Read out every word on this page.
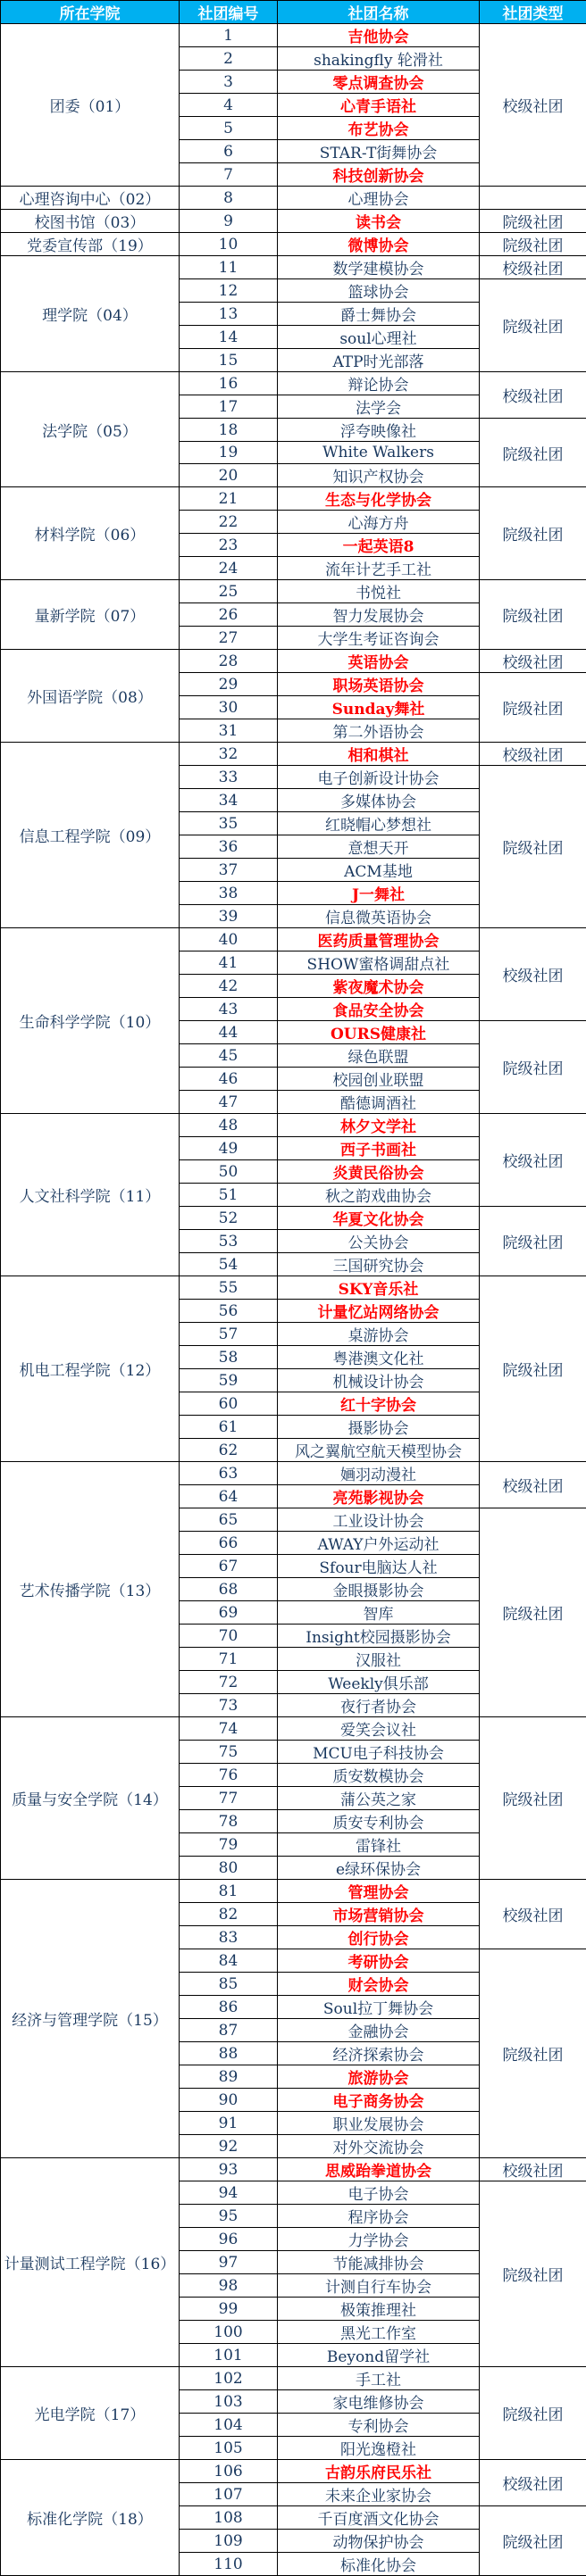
所在学院	社团编号	社团名称	社团类型
团委（01）	1	吉他协会	校级社团
	2	shakingfly 轮滑社	
	3	零点调查协会	
	4	心青手语社	
	5	布艺协会	
	6	STAR-T街舞协会	
	7	科技创新协会	
心理咨询中心（02）	8	心理协会	
校图书馆（03）	9	读书会	院级社团
党委宣传部（19）	10	微博协会	院级社团
理学院（04）	11	数学建模协会	校级社团
	12	篮球协会	院级社团
	13	爵士舞协会	
	14	soul心理社	
	15	ATP时光部落	
法学院（05）	16	辩论协会	校级社团
	17	法学会	
	18	浮夸映像社	院级社团
	19	White Walkers	
	20	知识产权协会	
材料学院（06）	21	生态与化学协会	院级社团
	22	心海方舟	
	23	一起英语8	
	24	流年计艺手工社	
量新学院（07）	25	书悦社	院级社团
	26	智力发展协会	
	27	大学生考证咨询会	
外国语学院（08）	28	英语协会	校级社团
	29	职场英语协会	院级社团
	30	Sunday舞社	
	31	第二外语协会	
信息工程学院（09）	32	相和棋社	校级社团
	33	电子创新设计协会	院级社团
	34	多媒体协会	
	35	红晓帽心梦想社	
	36	意想天开	
	37	ACM基地	
	38	J一舞社	
	39	信息微英语协会	
生命科学学院（10）	40	医药质量管理协会	校级社团
	41	SHOW蜜格调甜点社	
	42	紫夜魔术协会	
	43	食品安全协会	
	44	OURS健康社	院级社团
	45	绿色联盟	
	46	校园创业联盟	
	47	酷德调酒社	
人文社科学院（11）	48	林夕文学社	校级社团
	49	西子书画社	
	50	炎黄民俗协会	
	51	秋之韵戏曲协会	
	52	华夏文化协会	院级社团
	53	公关协会	
	54	三国研究协会	
机电工程学院（12）	55	SKY音乐社	院级社团
	56	计量忆站网络协会	
	57	桌游协会	
	58	粤港澳文化社	
	59	机械设计协会	
	60	红十字协会	
	61	摄影协会	
	62	风之翼航空航天模型协会	
艺术传播学院（13）	63	婳羽动漫社	校级社团
	64	亮苑影视协会	
	65	工业设计协会	院级社团
	66	AWAY户外运动社	
	67	Sfour电脑达人社	
	68	金眼摄影协会	
	69	智库	
	70	Insight校园摄影协会	
	71	汉服社	
	72	Weekly俱乐部	
	73	夜行者协会	
质量与安全学院（14）	74	爱笑会议社	院级社团
	75	MCU电子科技协会	
	76	质安数模协会	
	77	蒲公英之家	
	78	质安专利协会	
	79	雷锋社	
	80	e绿环保协会	
经济与管理学院（15）	81	管理协会	校级社团
	82	市场营销协会	
	83	创行协会	
	84	考研协会	院级社团
	85	财会协会	
	86	Soul拉丁舞协会	
	87	金融协会	
	88	经济探索协会	
	89	旅游协会	
	90	电子商务协会	
	91	职业发展协会	
	92	对外交流协会	
计量测试工程学院（16）	93	思威跆拳道协会	校级社团
	94	电子协会	院级社团
	95	程序协会	
	96	力学协会	
	97	节能减排协会	
	98	计测自行车协会	
	99	极策推理社	
	100	黑光工作室	
	101	Beyond留学社	
光电学院（17）	102	手工社	院级社团
	103	家电维修协会	
	104	专利协会	
	105	阳光逸橙社	
标准化学院（18）	106	古韵乐府民乐社	校级社团
	107	未来企业家协会	
	108	千百度酒文化协会	院级社团
	109	动物保护协会	
	110	标准化协会	
